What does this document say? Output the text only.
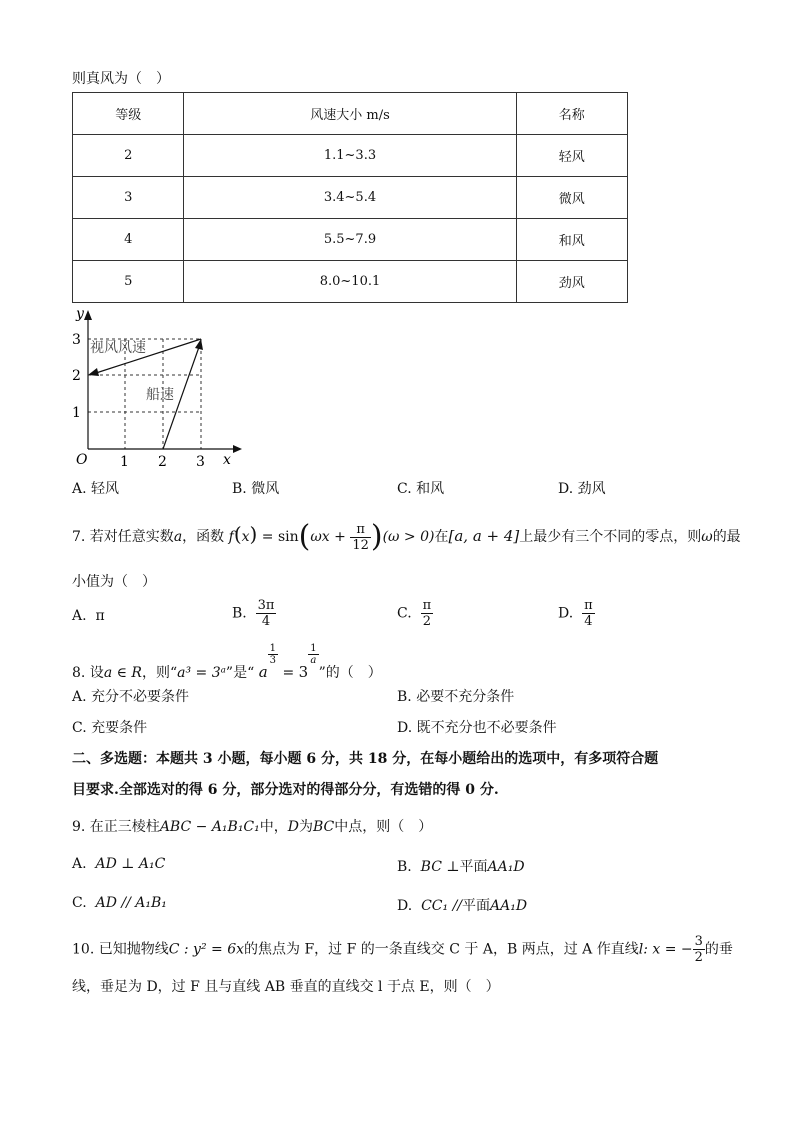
则真风为（　）
等级	风速大小 m/s	名称
2	1.1~3.3	轻风
3	3.4~5.4	微风
4	5.5~7.9	和风
5	8.0~10.1	劲风
y
x
O 1 2 3
1
2
3 视风风速
船速
A. 轻风	B. 微风	C. 和风	D. 劲风
7. 若对任意实数a，函数 $f(x) = \sin(\omega x + \frac{\pi}{12} )(\omega > 0)$在[a, a + 4]上最少有三个不同的零点，则ω的最
小值为（　）
A. π	B. $\frac{3\pi}{4}$	C. $\frac{\pi}{2}$	D. $\frac{\pi}{4}$
8. 设a ∈ R，则“a³ = 3ᵃ”是“ a
$\frac{1}{3}$
= 3
$\frac{1}{a}$
”的（　）
A. 充分不必要条件	B. 必要不充分条件
C. 充要条件	D. 既不充分也不必要条件
二、多选题：本题共 3 小题，每小题 6 分，共 18 分，在每小题给出的选项中，有多项符合题
目要求.全部选对的得 6 分，部分选对的得部分分，有选错的得 0 分.
9. 在正三棱柱ABC − A₁B₁C₁中，D为BC中点，则（　）
A. AD ⊥ A₁C	B. BC ⊥平面AA₁D
C. AD // A₁B₁	D. CC₁ //平面AA₁D
10. 已知抛物线C : y² = 6x的焦点为 F，过 F 的一条直线交 C 于 A，B 两点，过 A 作直线l: x = − $\frac{3}{2}$ 的垂
线，垂足为 D，过 F 且与直线 AB 垂直的直线交 l 于点 E，则（　）
